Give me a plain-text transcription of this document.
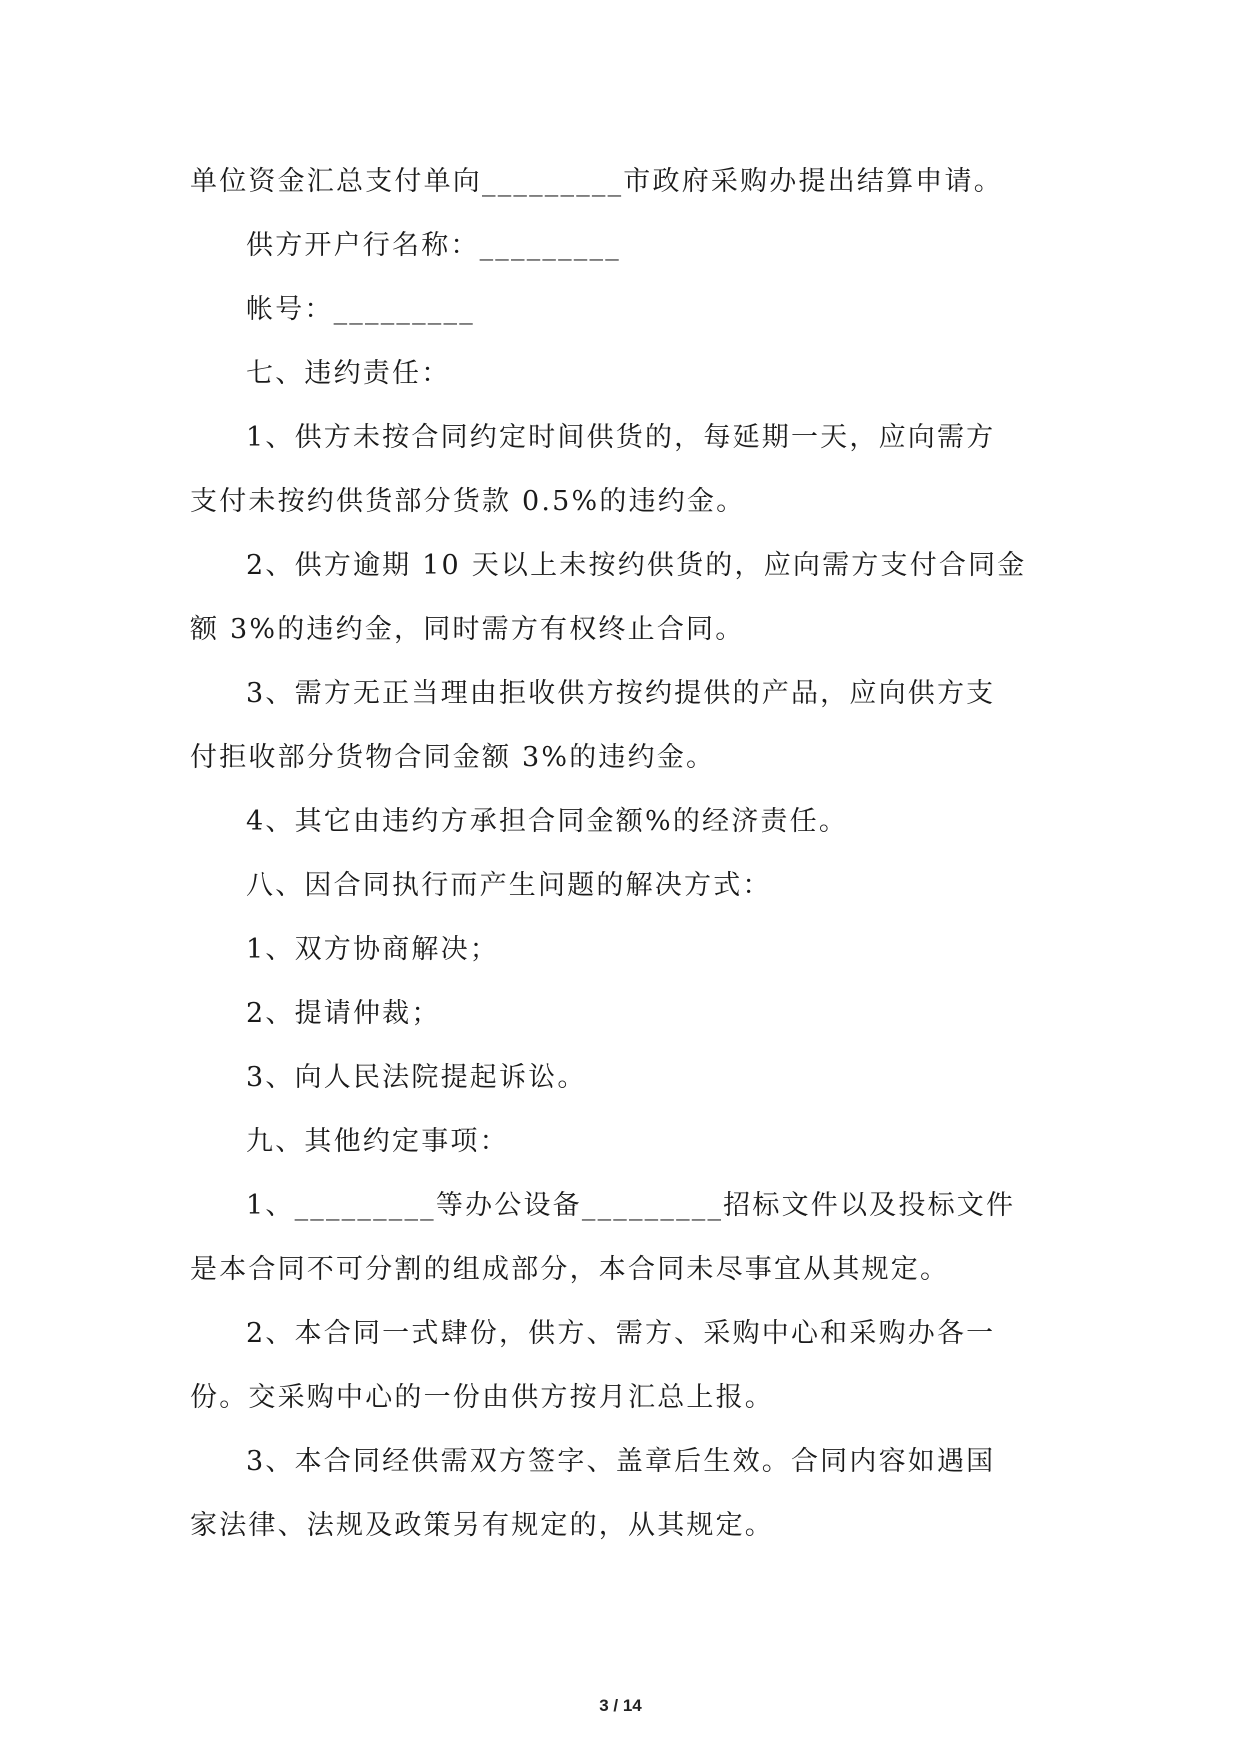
单位资金汇总支付单向_________市政府采购办提出结算申请。
供方开户行名称：_________
帐号：_________
七、违约责任：
1、供方未按合同约定时间供货的，每延期一天，应向需方
支付未按约供货部分货款 0.5%的违约金。
2、供方逾期 10 天以上未按约供货的，应向需方支付合同金
额 3%的违约金，同时需方有权终止合同。
3、需方无正当理由拒收供方按约提供的产品，应向供方支
付拒收部分货物合同金额 3%的违约金。
4、其它由违约方承担合同金额%的经济责任。
八、因合同执行而产生问题的解决方式：
1、双方协商解决；
2、提请仲裁；
3、向人民法院提起诉讼。
九、其他约定事项：
1、_________等办公设备_________招标文件以及投标文件
是本合同不可分割的组成部分，本合同未尽事宜从其规定。
2、本合同一式肆份，供方、需方、采购中心和采购办各一
份。交采购中心的一份由供方按月汇总上报。
3、本合同经供需双方签字、盖章后生效。合同内容如遇国
家法律、法规及政策另有规定的，从其规定。
3 / 14
